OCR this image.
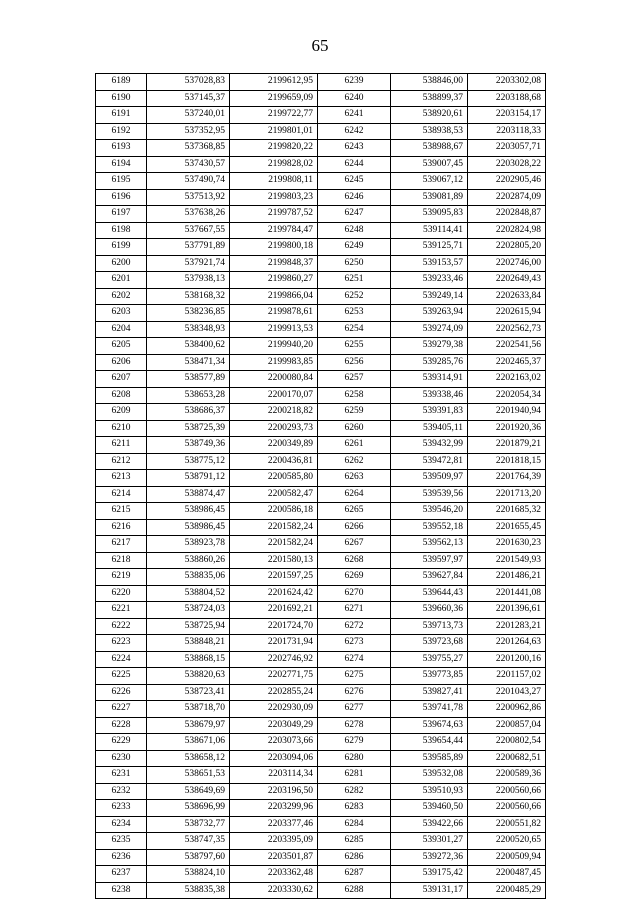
65
6189	537028,83	2199612,95	6239	538846,00	2203302,08
6190	537145,37	2199659,09	6240	538899,37	2203188,68
6191	537240,01	2199722,77	6241	538920,61	2203154,17
6192	537352,95	2199801,01	6242	538938,53	2203118,33
6193	537368,85	2199820,22	6243	538988,67	2203057,71
6194	537430,57	2199828,02	6244	539007,45	2203028,22
6195	537490,74	2199808,11	6245	539067,12	2202905,46
6196	537513,92	2199803,23	6246	539081,89	2202874,09
6197	537638,26	2199787,52	6247	539095,83	2202848,87
6198	537667,55	2199784,47	6248	539114,41	2202824,98
6199	537791,89	2199800,18	6249	539125,71	2202805,20
6200	537921,74	2199848,37	6250	539153,57	2202746,00
6201	537938,13	2199860,27	6251	539233,46	2202649,43
6202	538168,32	2199866,04	6252	539249,14	2202633,84
6203	538236,85	2199878,61	6253	539263,94	2202615,94
6204	538348,93	2199913,53	6254	539274,09	2202562,73
6205	538400,62	2199940,20	6255	539279,38	2202541,56
6206	538471,34	2199983,85	6256	539285,76	2202465,37
6207	538577,89	2200080,84	6257	539314,91	2202163,02
6208	538653,28	2200170,07	6258	539338,46	2202054,34
6209	538686,37	2200218,82	6259	539391,83	2201940,94
6210	538725,39	2200293,73	6260	539405,11	2201920,36
6211	538749,36	2200349,89	6261	539432,99	2201879,21
6212	538775,12	2200436,81	6262	539472,81	2201818,15
6213	538791,12	2200585,80	6263	539509,97	2201764,39
6214	538874,47	2200582,47	6264	539539,56	2201713,20
6215	538986,45	2200586,18	6265	539546,20	2201685,32
6216	538986,45	2201582,24	6266	539552,18	2201655,45
6217	538923,78	2201582,24	6267	539562,13	2201630,23
6218	538860,26	2201580,13	6268	539597,97	2201549,93
6219	538835,06	2201597,25	6269	539627,84	2201486,21
6220	538804,52	2201624,42	6270	539644,43	2201441,08
6221	538724,03	2201692,21	6271	539660,36	2201396,61
6222	538725,94	2201724,70	6272	539713,73	2201283,21
6223	538848,21	2201731,94	6273	539723,68	2201264,63
6224	538868,15	2202746,92	6274	539755,27	2201200,16
6225	538820,63	2202771,75	6275	539773,85	2201157,02
6226	538723,41	2202855,24	6276	539827,41	2201043,27
6227	538718,70	2202930,09	6277	539741,78	2200962,86
6228	538679,97	2203049,29	6278	539674,63	2200857,04
6229	538671,06	2203073,66	6279	539654,44	2200802,54
6230	538658,12	2203094,06	6280	539585,89	2200682,51
6231	538651,53	2203114,34	6281	539532,08	2200589,36
6232	538649,69	2203196,50	6282	539510,93	2200560,66
6233	538696,99	2203299,96	6283	539460,50	2200560,66
6234	538732,77	2203377,46	6284	539422,66	2200551,82
6235	538747,35	2203395,09	6285	539301,27	2200520,65
6236	538797,60	2203501,87	6286	539272,36	2200509,94
6237	538824,10	2203362,48	6287	539175,42	2200487,45
6238	538835,38	2203330,62	6288	539131,17	2200485,29
